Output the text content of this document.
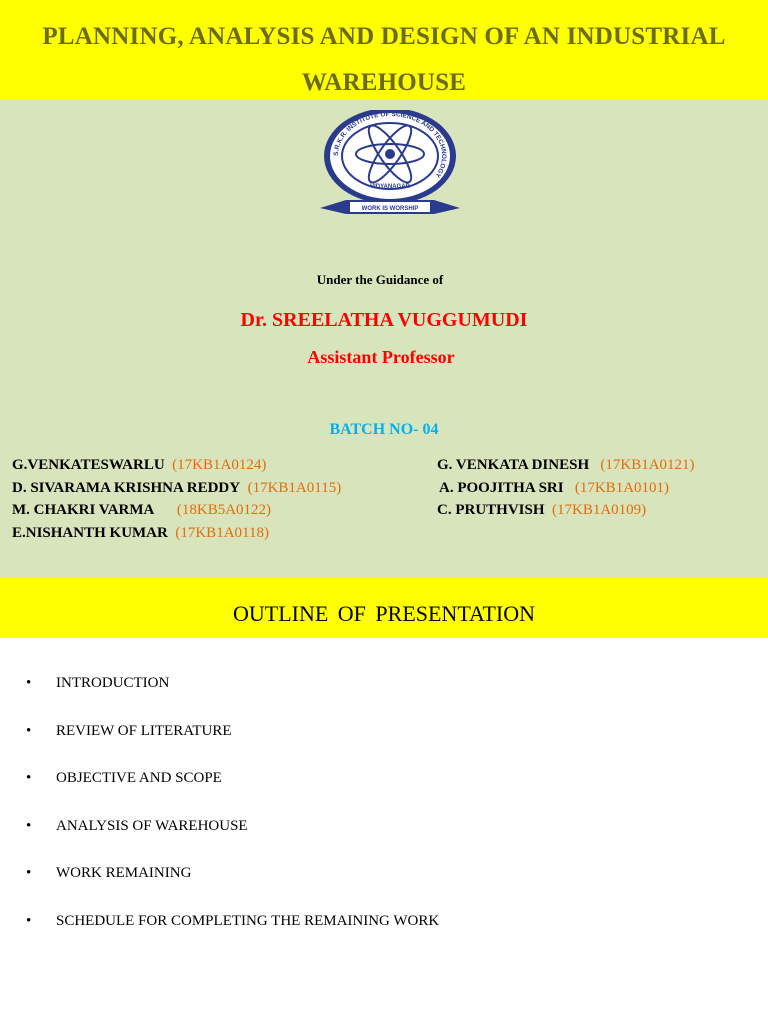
PLANNING, ANALYSIS AND DESIGN OF AN INDUSTRIAL
WAREHOUSE
S.R.K.R. INSTITUTE OF SCIENCE AND TECHNOLOGY
VIDYANAGAR
WORK IS WORSHIP
Under the Guidance of
Dr. SREELATHA VUGGUMUDI
Assistant Professor
BATCH NO- 04
G.VENKATESWARLU (17KB1A0124)
D. SIVARAMA KRISHNA REDDY (17KB1A0115)
M. CHAKRI VARMA (18KB5A0122)
E.NISHANTH KUMAR (17KB1A0118)
G. VENKATA DINESH (17KB1A0121)
A. POOJITHA SRI (17KB1A0101)
C. PRUTHVISH (17KB1A0109)
OUTLINE OF PRESENTATION
• INTRODUCTION
• REVIEW OF LITERATURE
• OBJECTIVE AND SCOPE
• ANALYSIS OF WAREHOUSE
• WORK REMAINING
• SCHEDULE FOR COMPLETING THE REMAINING WORK
